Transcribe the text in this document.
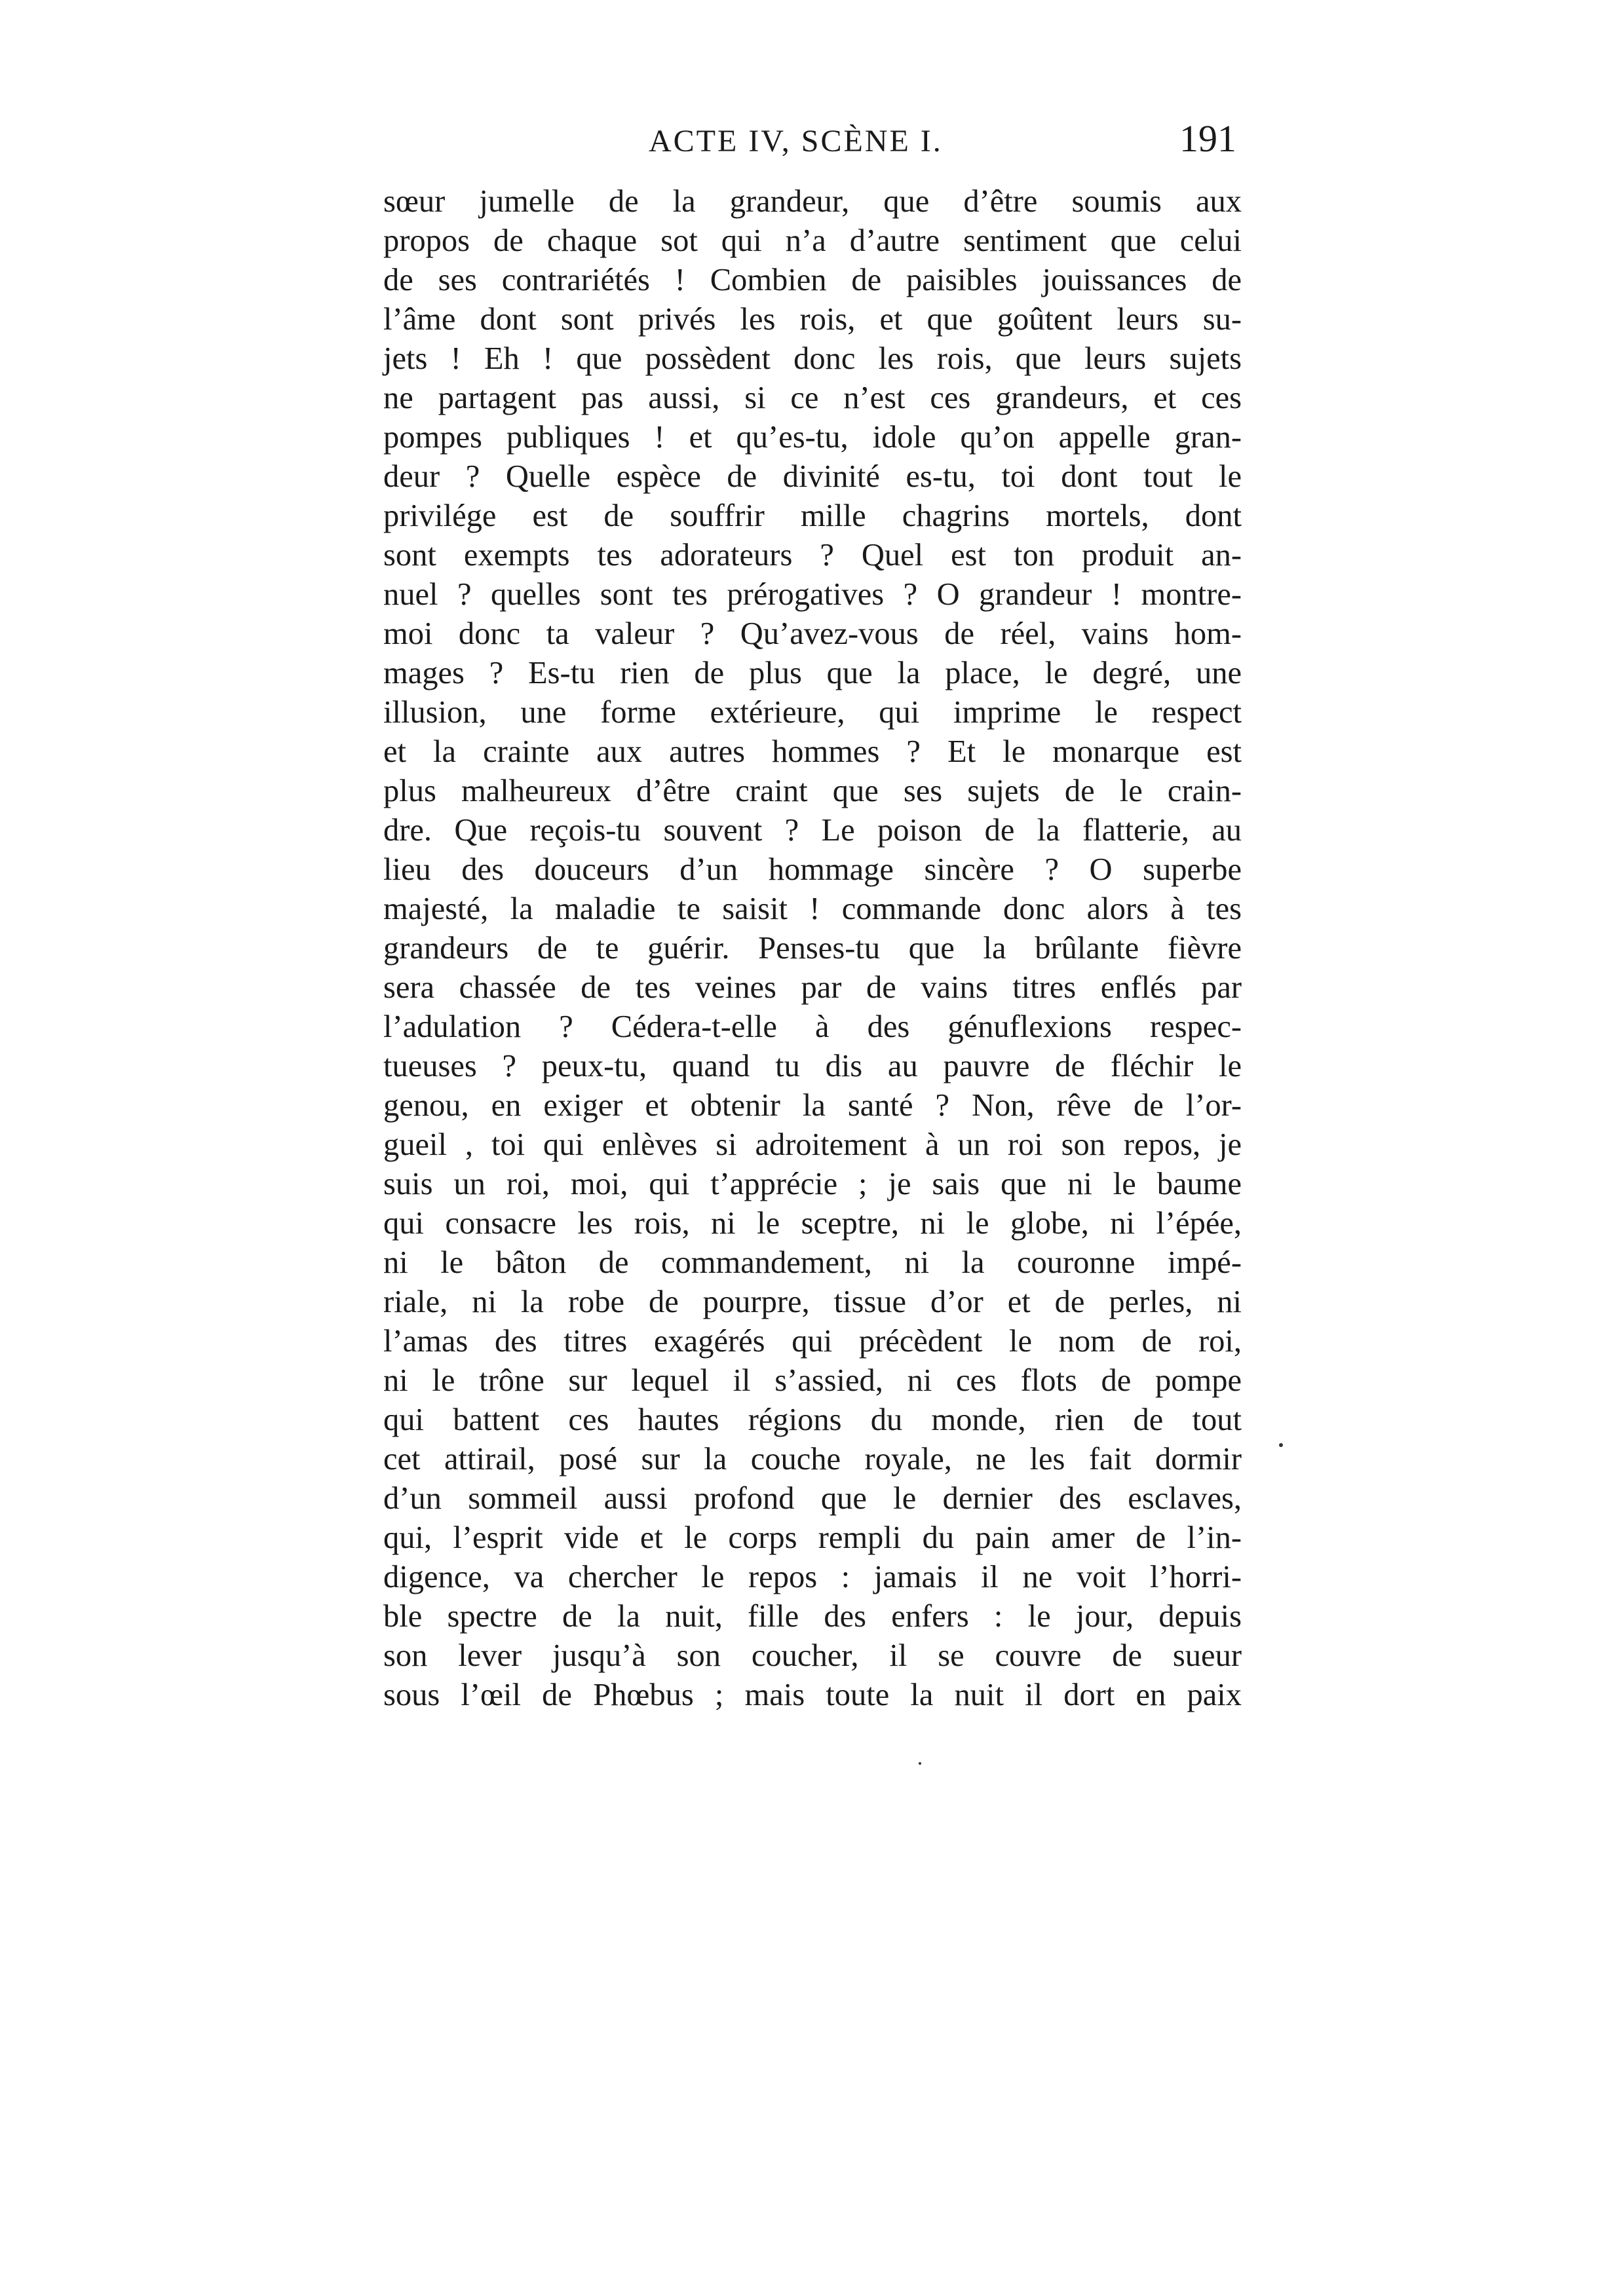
ACTE IV, SCÈNE I.	191
sœur jumelle de la grandeur, que d’être soumis aux
propos de chaque sot qui n’a d’autre sentiment que celui
de ses contrariétés ! Combien de paisibles jouissances de
l’âme dont sont privés les rois, et que goûtent leurs su-
jets ! Eh ! que possèdent donc les rois, que leurs sujets
ne partagent pas aussi, si ce n’est ces grandeurs, et ces
pompes publiques ! et qu’es-tu, idole qu’on appelle gran-
deur ? Quelle espèce de divinité es-tu, toi dont tout le
privilége est de souffrir mille chagrins mortels, dont
sont exempts tes adorateurs ? Quel est ton produit an-
nuel ? quelles sont tes prérogatives ? O grandeur ! montre-
moi donc ta valeur ? Qu’avez-vous de réel, vains hom-
mages ? Es-tu rien de plus que la place, le degré, une
illusion, une forme extérieure, qui imprime le respect
et la crainte aux autres hommes ? Et le monarque est
plus malheureux d’être craint que ses sujets de le crain-
dre. Que reçois-tu souvent ? Le poison de la flatterie, au
lieu des douceurs d’un hommage sincère ? O superbe
majesté, la maladie te saisit ! commande donc alors à tes
grandeurs de te guérir. Penses-tu que la brûlante fièvre
sera chassée de tes veines par de vains titres enflés par
l’adulation ? Cédera-t-elle à des génuflexions respec-
tueuses ? peux-tu, quand tu dis au pauvre de fléchir le
genou, en exiger et obtenir la santé ? Non, rêve de l’or-
gueil , toi qui enlèves si adroitement à un roi son repos, je
suis un roi, moi, qui t’apprécie ; je sais que ni le baume
qui consacre les rois, ni le sceptre, ni le globe, ni l’épée,
ni le bâton de commandement, ni la couronne impé-
riale, ni la robe de pourpre, tissue d’or et de perles, ni
l’amas des titres exagérés qui précèdent le nom de roi,
ni le trône sur lequel il s’assied, ni ces flots de pompe
qui battent ces hautes régions du monde, rien de tout
cet attirail, posé sur la couche royale, ne les fait dormir
d’un sommeil aussi profond que le dernier des esclaves,
qui, l’esprit vide et le corps rempli du pain amer de l’in-
digence, va chercher le repos : jamais il ne voit l’horri-
ble spectre de la nuit, fille des enfers : le jour, depuis
son lever jusqu’à son coucher, il se couvre de sueur
sous l’œil de Phœbus ; mais toute la nuit il dort en paix
